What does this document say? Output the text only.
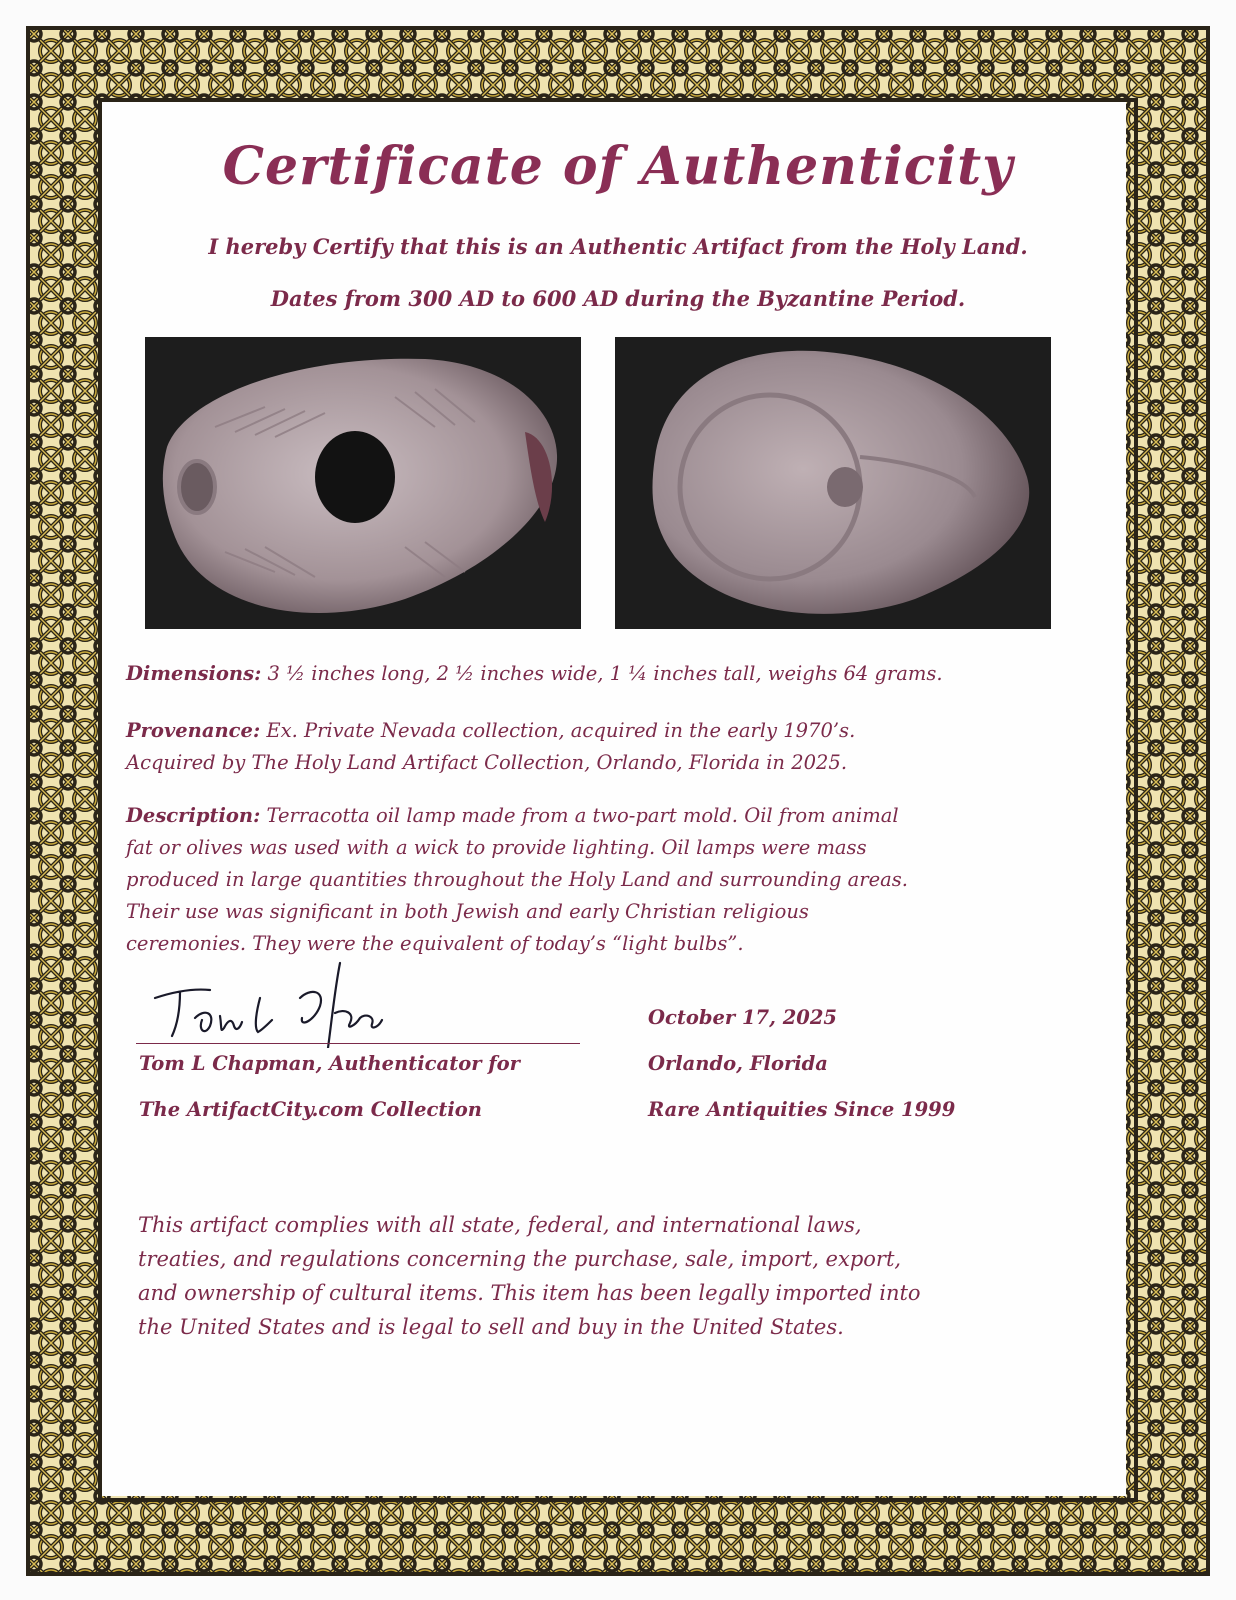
Certificate of Authenticity
I hereby Certify that this is an Authentic Artifact from the Holy Land.
Dates from 300 AD to 600 AD during the Byzantine Period.
Dimensions: 3 ½ inches long, 2 ½ inches wide, 1 ¼ inches tall, weighs 64 grams.
Provenance: Ex. Private Nevada collection, acquired in the early 1970’s.
Acquired by The Holy Land Artifact Collection, Orlando, Florida in 2025.
Description: Terracotta oil lamp made from a two-part mold. Oil from animal
fat or olives was used with a wick to provide lighting. Oil lamps were mass
produced in large quantities throughout the Holy Land and surrounding areas.
Their use was significant in both Jewish and early Christian religious
ceremonies. They were the equivalent of today’s “light bulbs”.
Tom L Chapman, Authenticator for
The ArtifactCity.com Collection
October 17, 2025
Orlando, Florida
Rare Antiquities Since 1999
This artifact complies with all state, federal, and international laws,
treaties, and regulations concerning the purchase, sale, import, export,
and ownership of cultural items. This item has been legally imported into
the United States and is legal to sell and buy in the United States.
